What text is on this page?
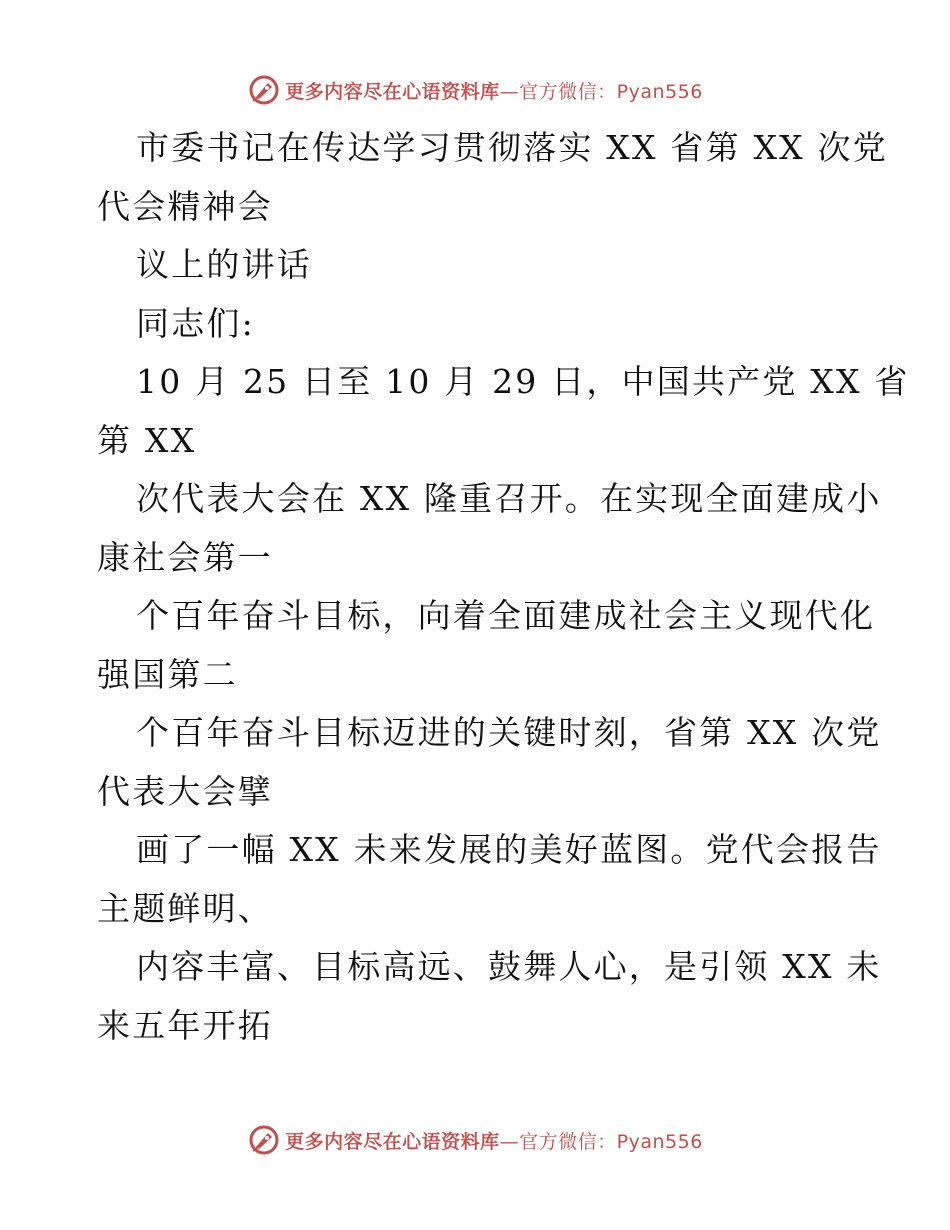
更多内容尽在心语资料库 —官方微信：Pyan556
市委书记在传达学习贯彻落实 XX 省第 XX 次党
代会精神会
议上的讲话
同志们:
10 月 25 日至 10 月 29 日，中国共产党 XX 省
第 XX
次代表大会在 XX 隆重召开。在实现全面建成小
康社会第一
个百年奋斗目标，向着全面建成社会主义现代化
强国第二
个百年奋斗目标迈进的关键时刻，省第 XX 次党
代表大会擘
画了一幅 XX 未来发展的美好蓝图。党代会报告
主题鲜明、
内容丰富、目标高远、鼓舞人心，是引领 XX 未
来五年开拓
更多内容尽在心语资料库 —官方微信：Pyan556
